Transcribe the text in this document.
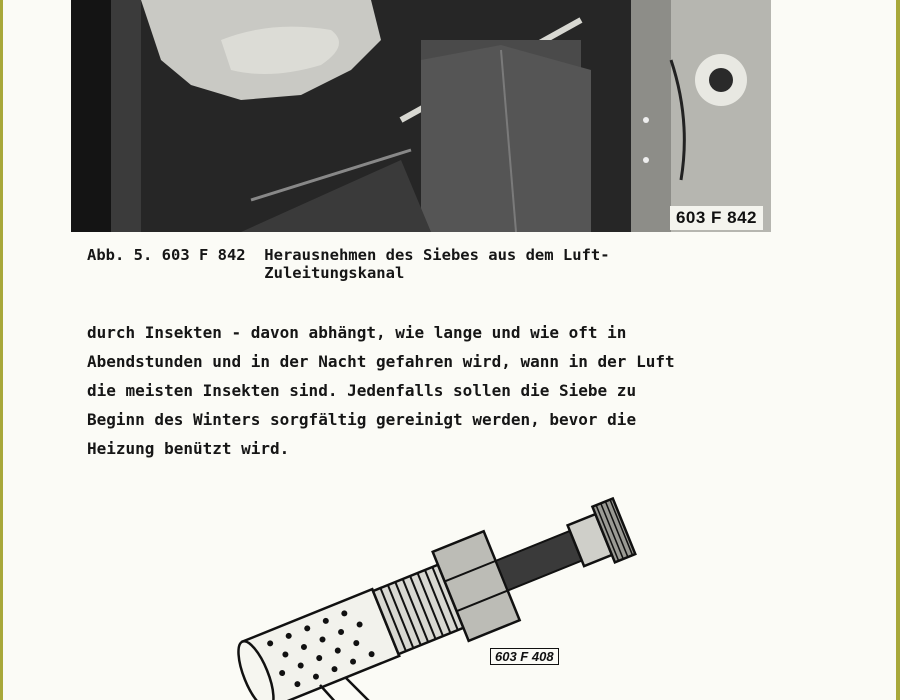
603 F 842
Abb. 5. 603 F 842  Herausnehmen des Siebes aus dem Luft-
Zuleitungskanal
durch Insekten - davon abhängt, wie lange und wie oft in
Abendstunden und in der Nacht gefahren wird, wann in der Luft
die meisten Insekten sind. Jedenfalls sollen die Siebe zu
Beginn des Winters sorgfältig gereinigt werden, bevor die
Heizung benützt wird.
603 F 408
